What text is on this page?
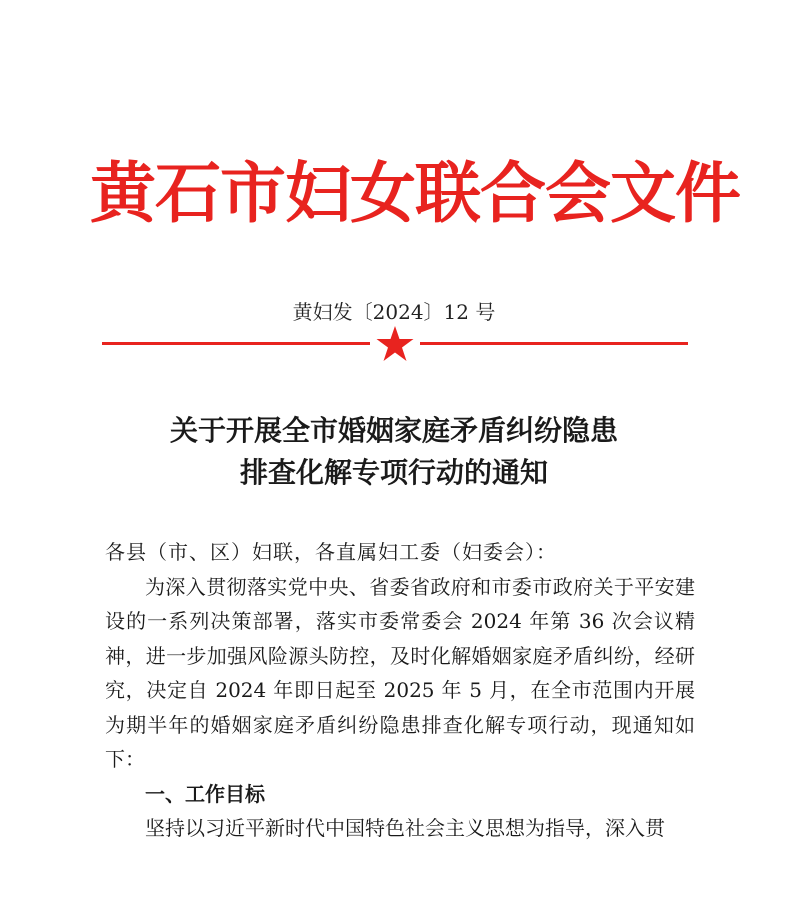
黄石市妇女联合会文件
黄妇发〔2024〕12 号
关于开展全市婚姻家庭矛盾纠纷隐患
排查化解专项行动的通知

各县（市、区）妇联，各直属妇工委（妇委会）：

为深入贯彻落实党中央、省委省政府和市委市政府关于平安建设的一系列决策部署，落实市委常委会 2024 年第 36 次会议精神，进一步加强风险源头防控，及时化解婚姻家庭矛盾纠纷，经研究，决定自 2024 年即日起至 2025 年 5 月，在全市范围内开展为期半年的婚姻家庭矛盾纠纷隐患排查化解专项行动，现通知如下：

一、工作目标

坚持以习近平新时代中国特色社会主义思想为指导，深入贯
